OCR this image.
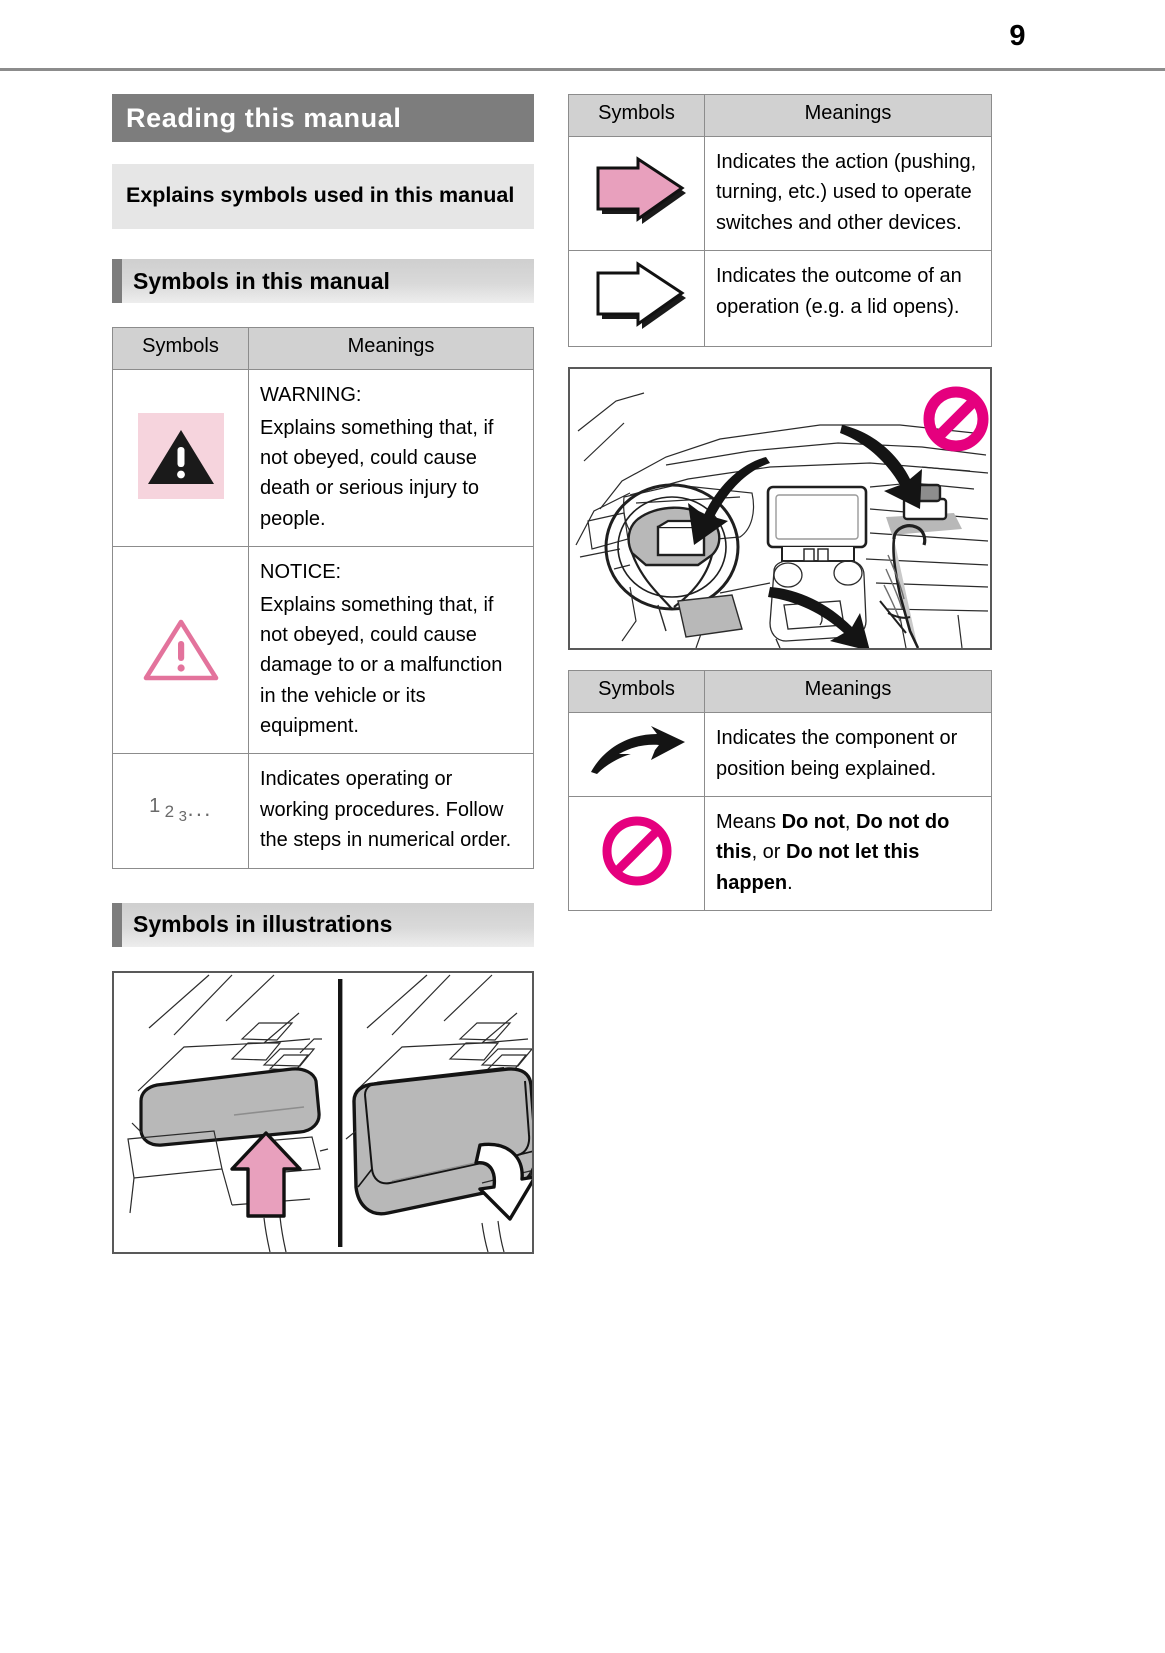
9
Reading this manual
Explains symbols used in this manual
Symbols in this manual
Symbols	Meanings

WARNING:

Explains something that, if not obeyed, could cause death or serious injury to people.

NOTICE:

Explains something that, if not obeyed, could cause damage to or a malfunction in the vehicle or its equipment.

1 2 3···	Indicates operating or working procedures. Follow the steps in numerical order.

Symbols in illustrations
Symbols	Meanings

Indicates the action (pushing, turning, etc.) used to operate switches and other devices.

Indicates the outcome of an operation (e.g. a lid opens).

Symbols	Meanings

Indicates the component or position being explained.

Means Do not, Do not do this, or Do not let this happen.
